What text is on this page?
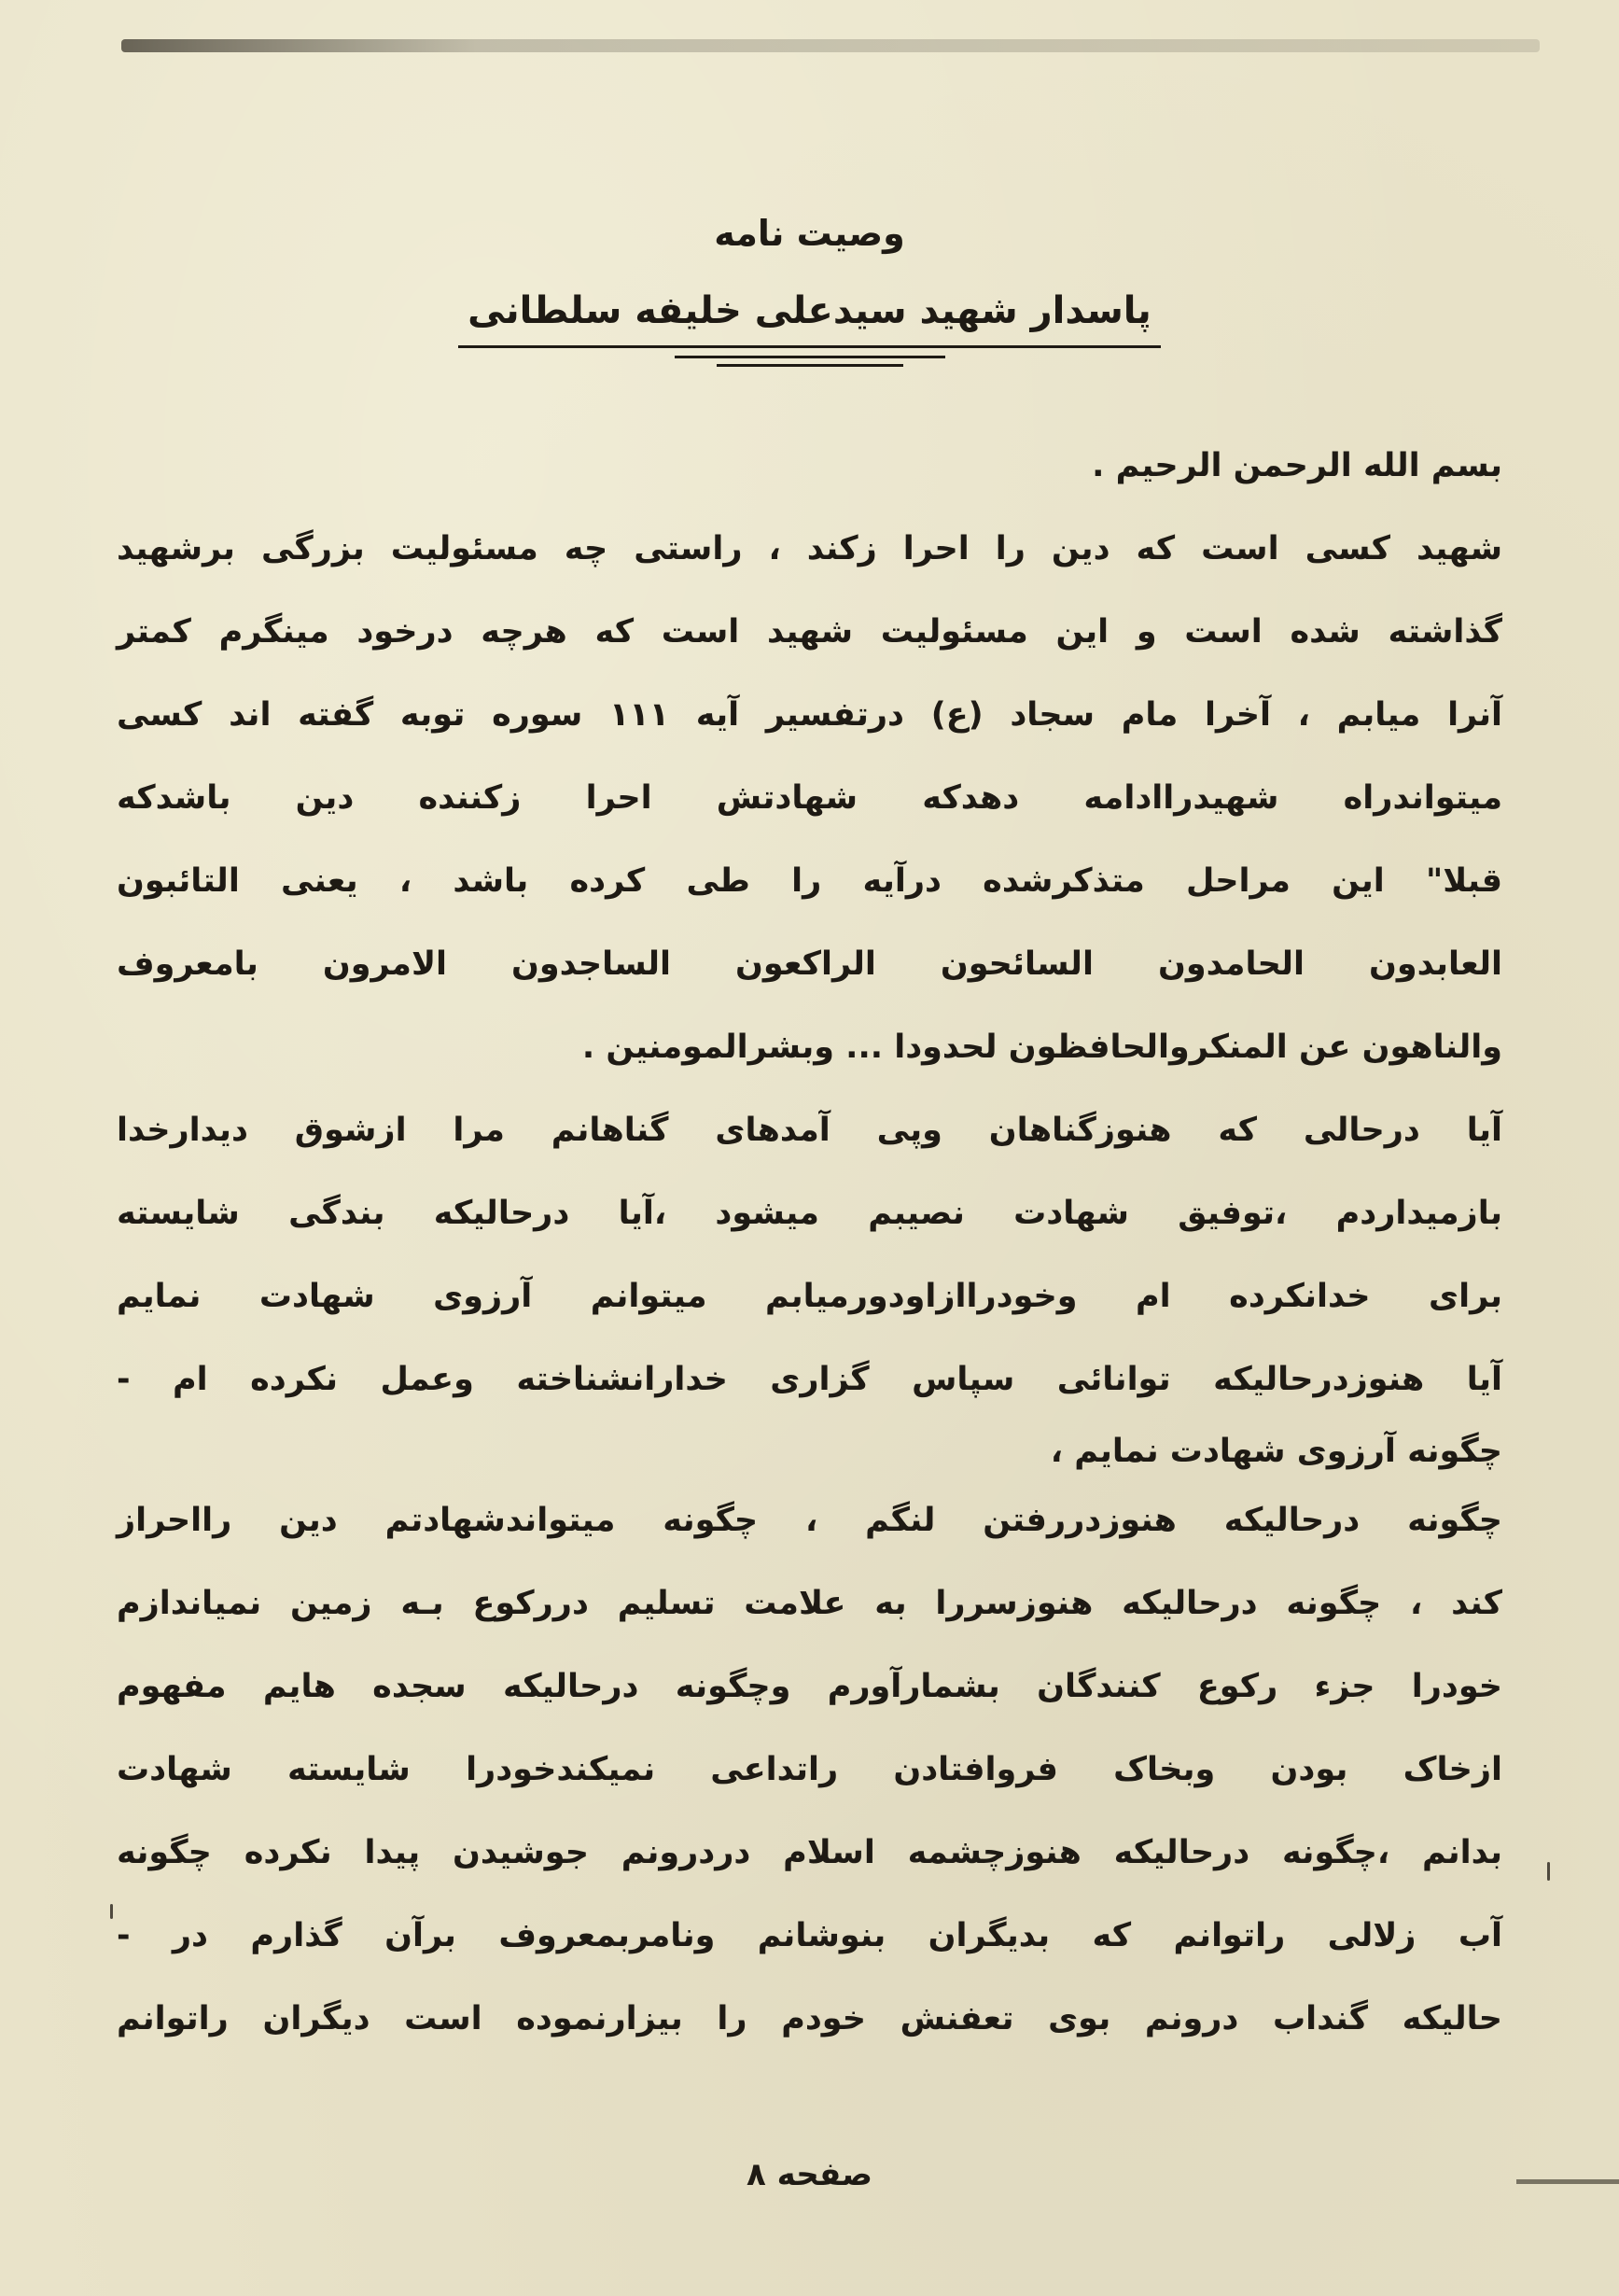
وصیت نامه
پاسدار شهید سیدعلی خلیفه سلطانی
بسم الله الرحمن الرحیم .
شهید کسی است که دین را احرا زکند ، راستی چه مسئولیت بزرگی برشهید
گذاشته شده است و این مسئولیت شهید است که هرچه درخود مینگرم کمتر
آنرا میابم ، آخرا مام سجاد (ع) درتفسیر آیه ۱۱۱ سوره توبه گفته اند کسی
میتواندراه شهیدراادامه دهدکه شهادتش احرا زکننده دین باشدکه
قبلا" این مراحل متذکرشده درآیه را طی کرده باشد ، یعنی التائبون
العابدون الحامدون السائحون الراکعون الساجدون الامرون بامعروف
والناهون عن المنکروالحافظون لحدودا ... وبشرالمومنین .
آیا درحالی که هنوزگناهان وپی آمدهای گناهانم مرا ازشوق دیدارخدا
بازمیداردم ،توفیق شهادت نصیبم میشود ،آیا درحالیکه بندگی شایسته
برای خدانکرده ام وخودراازاودورمیابم میتوانم آرزوی شهادت نمایم
آیا هنوزدرحالیکه توانائی سپاس گزاری خدارانشناخته وعمل نکرده ام -
چگونه آرزوی شهادت نمایم ،
چگونه درحالیکه هنوزدررفتن لنگم ، چگونه میتواندشهادتم دین رااحراز
کند ، چگونه درحالیکه هنوزسررا به علامت تسلیم درركوع بـه زمین نمیاندازم
خودرا جزء رکوع کنندگان بشمارآورم وچگونه درحالیکه سجده هایم مفهوم
ازخاک بودن وبخاک فروافتادن راتداعی نمیکندخودرا شایسته شهادت
بدانم ،چگونه درحالیکه هنوزچشمه اسلام دردرونم جوشیدن پیدا نکرده چگونه
آب زلالی راتوانم که بدیگران بنوشانم ونامربمعروف برآن گذارم در -
حالیکه گنداب درونم بوی تعفنش خودم را بیزارنموده است دیگران راتوانم
صفحه ۸
